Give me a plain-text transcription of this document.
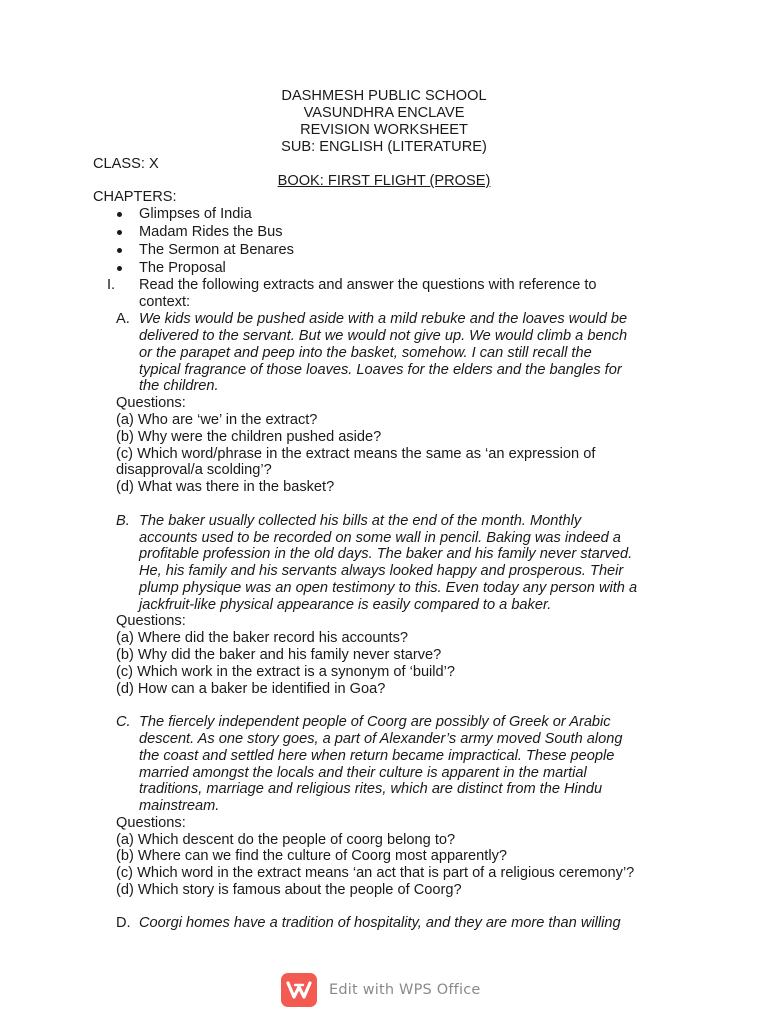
DASHMESH PUBLIC SCHOOL
VASUNDHRA ENCLAVE
REVISION WORKSHEET
SUB: ENGLISH (LITERATURE)
CLASS: X
BOOK: FIRST FLIGHT (PROSE)
CHAPTERS:
Glimpses of India
Madam Rides the Bus
The Sermon at Benares
The Proposal
I. Read the following extracts and answer the questions with reference to
context:
A. We kids would be pushed aside with a mild rebuke and the loaves would be
delivered to the servant. But we would not give up. We would climb a bench
or the parapet and peep into the basket, somehow. I can still recall the
typical fragrance of those loaves. Loaves for the elders and the bangles for
the children.
Questions:
(a) Who are ‘we’ in the extract?
(b) Why were the children pushed aside?
(c) Which word/phrase in the extract means the same as ‘an expression of
disapproval/a scolding’?
(d) What was there in the basket?
B. The baker usually collected his bills at the end of the month. Monthly
accounts used to be recorded on some wall in pencil. Baking was indeed a
profitable profession in the old days. The baker and his family never starved.
He, his family and his servants always looked happy and prosperous. Their
plump physique was an open testimony to this. Even today any person with a
jackfruit-like physical appearance is easily compared to a baker.
Questions:
(a) Where did the baker record his accounts?
(b) Why did the baker and his family never starve?
(c) Which work in the extract is a synonym of ‘build’?
(d) How can a baker be identified in Goa?
C. The fiercely independent people of Coorg are possibly of Greek or Arabic
descent. As one story goes, a part of Alexander’s army moved South along
the coast and settled here when return became impractical. These people
married amongst the locals and their culture is apparent in the martial
traditions, marriage and religious rites, which are distinct from the Hindu
mainstream.
Questions:
(a) Which descent do the people of coorg belong to?
(b) Where can we find the culture of Coorg most apparently?
(c) Which word in the extract means ‘an act that is part of a religious ceremony’?
(d) Which story is famous about the people of Coorg?
D. Coorgi homes have a tradition of hospitality, and they are more than willing
Edit with WPS Office
